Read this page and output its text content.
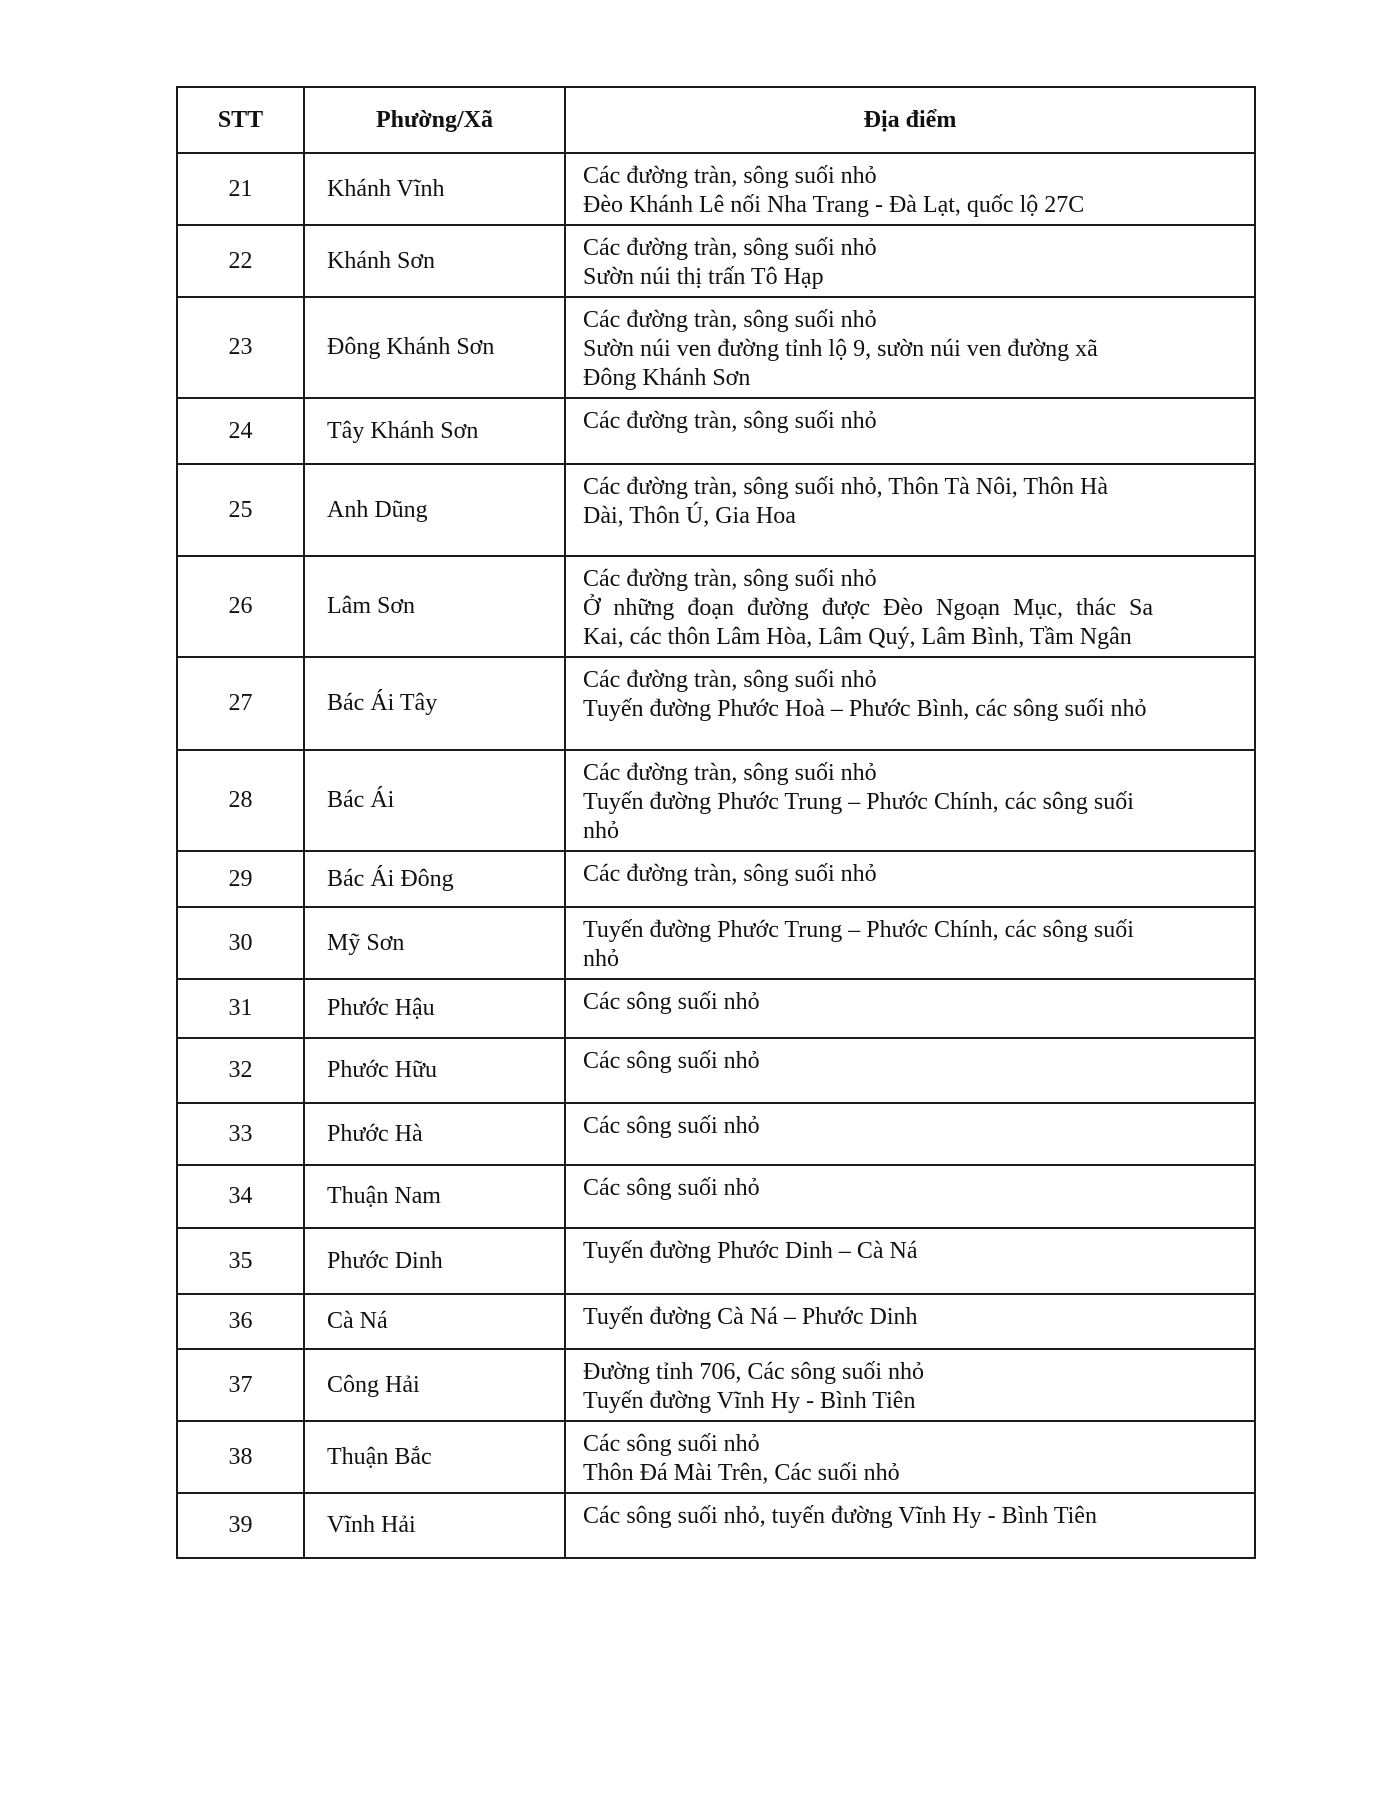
STT	Phường/Xã	Địa điểm
21	Khánh Vĩnh	Các đường tràn, sông suối nhỏ
Đèo Khánh Lê nối Nha Trang - Đà Lạt, quốc lộ 27C

22	Khánh Sơn	Các đường tràn, sông suối nhỏ
Sườn núi thị trấn Tô Hạp

23	Đông Khánh Sơn	Các đường tràn, sông suối nhỏ
Sườn núi ven đường tỉnh lộ 9, sườn núi ven đường xã
Đông Khánh Sơn

24	Tây Khánh Sơn	Các đường tràn, sông suối nhỏ

25	Anh Dũng	Các đường tràn, sông suối nhỏ, Thôn Tà Nôi, Thôn Hà
Dài, Thôn Ú, Gia Hoa

26	Lâm Sơn	Các đường tràn, sông suối nhỏ
Ở những đoạn đường được Đèo Ngoạn Mục, thác Sa
Kai, các thôn Lâm Hòa, Lâm Quý, Lâm Bình, Tầm Ngân

27	Bác Ái Tây	Các đường tràn, sông suối nhỏ
Tuyến đường Phước Hoà – Phước Bình, các sông suối nhỏ

28	Bác Ái	Các đường tràn, sông suối nhỏ
Tuyến đường Phước Trung – Phước Chính, các sông suối
nhỏ

29	Bác Ái Đông	Các đường tràn, sông suối nhỏ

30	Mỹ Sơn	Tuyến đường Phước Trung – Phước Chính, các sông suối
nhỏ

31	Phước Hậu	Các sông suối nhỏ

32	Phước Hữu	Các sông suối nhỏ

33	Phước Hà	Các sông suối nhỏ

34	Thuận Nam	Các sông suối nhỏ

35	Phước Dinh	Tuyến đường Phước Dinh – Cà Ná

36	Cà Ná	Tuyến đường Cà Ná – Phước Dinh

37	Công Hải	Đường tỉnh 706, Các sông suối nhỏ
Tuyến đường Vĩnh Hy - Bình Tiên

38	Thuận Bắc	Các sông suối nhỏ
Thôn Đá Mài Trên, Các suối nhỏ

39	Vĩnh Hải	Các sông suối nhỏ, tuyến đường Vĩnh Hy - Bình Tiên
